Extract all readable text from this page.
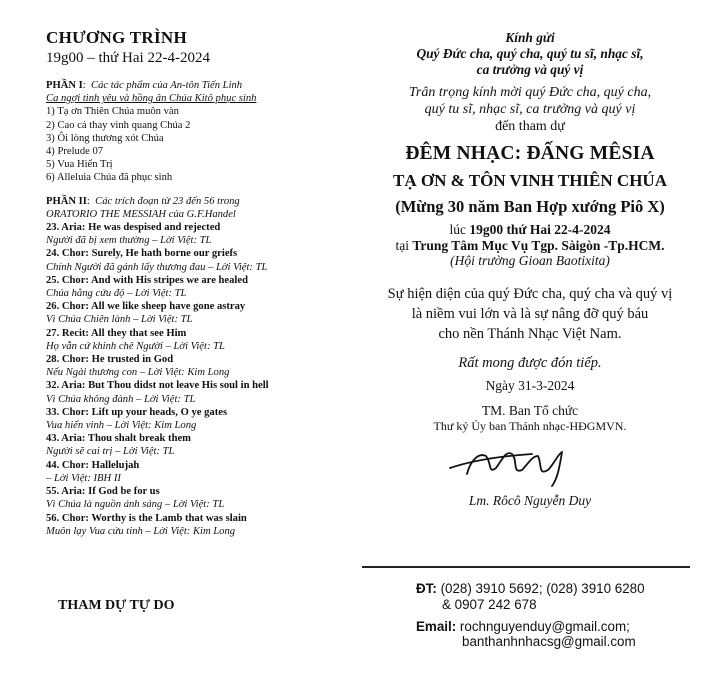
CHƯƠNG TRÌNH
19g00 – thứ Hai 22-4-2024
PHẦN I:  Các tác phẩm của An-tôn Tiến Linh
Ca ngợi tình yêu và hồng ân Chúa Kitô phục sinh
1) Tạ ơn Thiên Chúa muôn vàn
2) Cao cả thay vinh quang Chúa 2
3) Ôi lòng thương xót Chúa
4) Prelude 07
5) Vua Hiển Trị
6) Alleluia Chúa đã phục sinh
PHẦN II:  Các trích đoạn từ 23 đến 56 trong
ORATORIO THE MESSIAH của G.F.Handel
23. Aria: He was despised and rejected
Người đã bị xem thường – Lời Việt: TL
24. Chor: Surely, He hath borne our griefs
Chính Người đã gánh lấy thương đau – Lời Việt: TL
25. Chor: And with His stripes we are healed
Chúa hằng cứu độ – Lời Việt: TL
26. Chor: All we like sheep have gone astray
Vì Chúa Chiên lành – Lời Việt: TL
27. Recit: All they that see Him
Họ vẫn cứ khinh chê Người – Lời Việt: TL
28. Chor: He trusted in God
Nếu Ngài thương con – Lời Việt: Kim Long
32. Aria: But Thou didst not leave His soul in hell
Vì Chúa không đành – Lời Việt: TL
33. Chor: Lift up your heads, O ye gates
Vua hiển vinh – Lời Việt: Kim Long
43. Aria: Thou shalt break them
Người sẽ cai trị – Lời Việt: TL
44. Chor: Hallelujah
– Lời Việt: IBH II
55. Aria: If God be for us
Vì Chúa là nguồn ánh sáng – Lời Việt: TL
56. Chor: Worthy is the Lamb that was slain
Muôn lạy Vua cứu tinh – Lời Việt: Kim Long
THAM DỰ TỰ DO
Kính gửi
Quý Đức cha, quý cha, quý tu sĩ, nhạc sĩ,
ca trưởng và quý vị
Trân trọng kính mời quý Đức cha, quý cha,
quý tu sĩ, nhạc sĩ, ca trưởng và quý vị
đến tham dự
ĐÊM NHẠC: ĐẤNG MÊSIA
TẠ ƠN & TÔN VINH THIÊN CHÚA
(Mừng 30 năm Ban Hợp xướng Piô X)
lúc 19g00 thứ Hai 22-4-2024
tại Trung Tâm Mục Vụ Tgp. Sàigòn -Tp.HCM.
(Hội trường Gioan Baotixita)
Sự hiện diện của quý Đức cha, quý cha và quý vị
là niềm vui lớn và là sự nâng đỡ quý báu
cho nền Thánh Nhạc Việt Nam.
Rất mong được đón tiếp.
Ngày 31-3-2024
TM. Ban Tổ chức
Thư ký Ủy ban Thánh nhạc-HĐGMVN.
Lm. Rôcô Nguyễn Duy
ĐT: (028) 3910 5692; (028) 3910 6280
& 0907 242 678
Email: rochnguyenduy@gmail.com;
banthanhnhacsg@gmail.com
